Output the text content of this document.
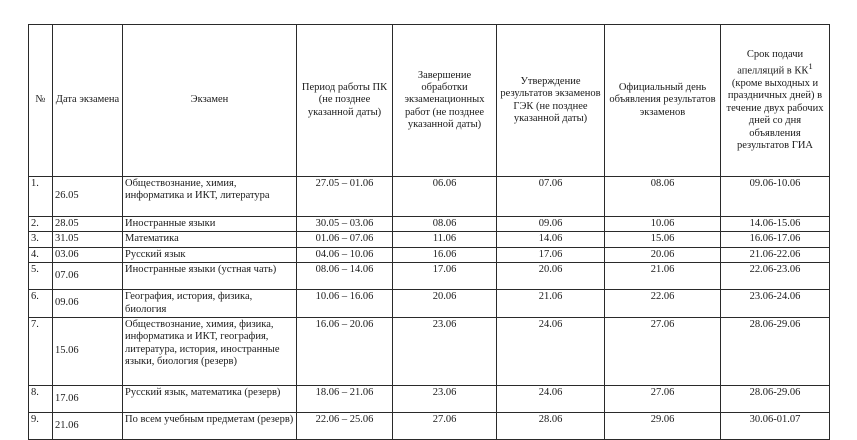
№	Дата экзамена	Экзамен	Период работы ПК (не позднее указанной даты)	Завершение обработки экзаменационных работ (не позднее указанной даты)	Утверждение результатов экзаменов ГЭК (не позднее указанной даты)	Официальный день объявления результатов экзаменов	Срок подачи апелляций в $КК^1$ (кроме выходных и праздничных дней) в течение двух рабочих дней со дня объявления результатов ГИА
1.	26.05	Обществознание, химия, информатика и ИКТ, литература	27.05 – 01.06	06.06	07.06	08.06	09.06-10.06
2.	28.05	Иностранные языки	30.05 – 03.06	08.06	09.06	10.06	14.06-15.06
3.	31.05	Математика	01.06 – 07.06	11.06	14.06	15.06	16.06-17.06
4.	03.06	Русский язык	04.06 – 10.06	16.06	17.06	20.06	21.06-22.06
5.	07.06	Иностранные языки (устная чать)	08.06 – 14.06	17.06	20.06	21.06	22.06-23.06
6.	09.06	География, история, физика, биология	10.06 – 16.06	20.06	21.06	22.06	23.06-24.06
7.	15.06	Обществознание, химия, физика, информатика и ИКТ, география, литература, история, иностранные языки, биология (резерв)	16.06 – 20.06	23.06	24.06	27.06	28.06-29.06
8.	17.06	Русский язык, математика (резерв)	18.06 – 21.06	23.06	24.06	27.06	28.06-29.06
9.	21.06	По всем учебным предметам (резерв)	22.06 – 25.06	27.06	28.06	29.06	30.06-01.07
